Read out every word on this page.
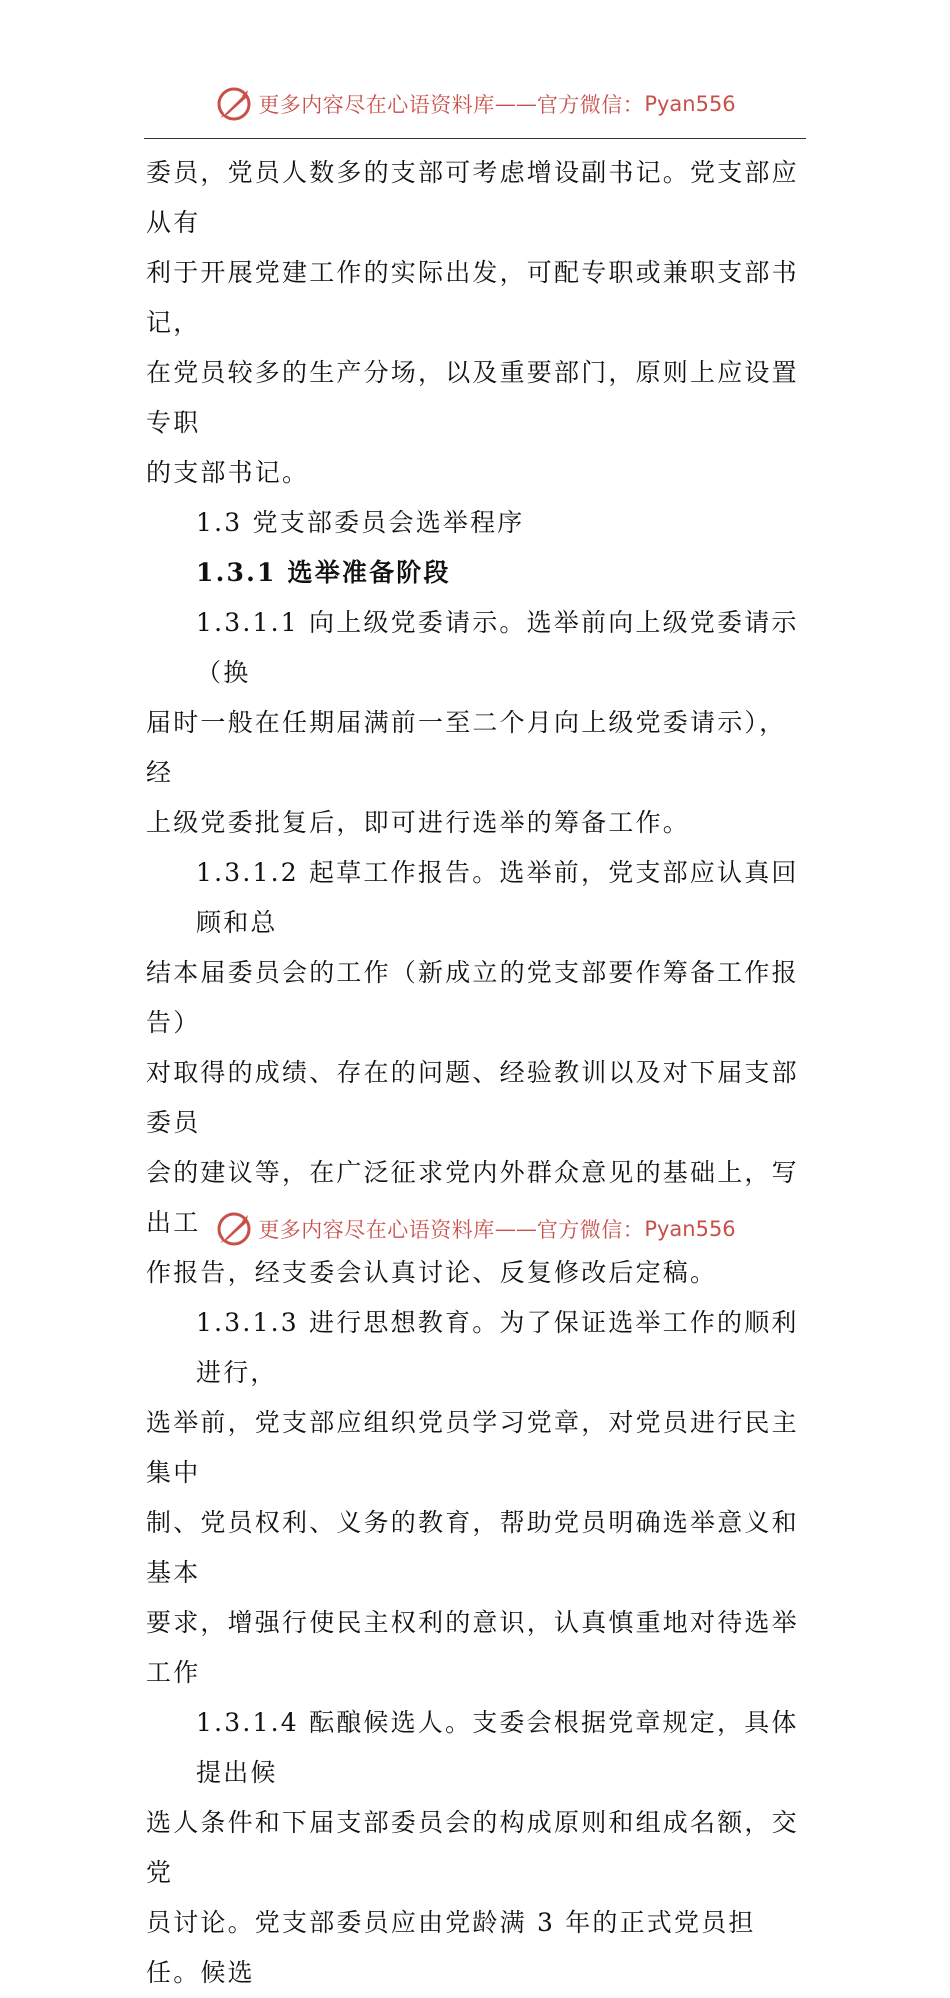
更多内容尽在心语资料库 —— 官方微信： Pyan556
委员，党员人数多的支部可考虑增设副书记。党支部应从有
利于开展党建工作的实际出发，可配专职或兼职支部书记，
在党员较多的生产分场，以及重要部门，原则上应设置专职
的支部书记。
1.3 党支部委员会选举程序
1.3.1 选举准备阶段
1.3.1.1 向上级党委请示。选举前向上级党委请示（换
届时一般在任期届满前一至二个月向上级党委请示），经
上级党委批复后，即可进行选举的筹备工作。
1.3.1.2 起草工作报告。选举前，党支部应认真回顾和总
结本届委员会的工作（新成立的党支部要作筹备工作报告）
对取得的成绩、存在的问题、经验教训以及对下届支部委员
会的建议等，在广泛征求党内外群众意见的基础上，写出工
作报告，经支委会认真讨论、反复修改后定稿。
1.3.1.3 进行思想教育。为了保证选举工作的顺利进行，
选举前，党支部应组织党员学习党章，对党员进行民主集中
制、党员权利、义务的教育，帮助党员明确选举意义和基本
要求，增强行使民主权利的意识，认真慎重地对待选举工作
1.3.1.4 酝酿候选人。支委会根据党章规定，具体提出候
选人条件和下届支部委员会的构成原则和组成名额，交党
员讨论。党支部委员应由党龄满 3 年的正式党员担任。候选
更多内容尽在心语资料库 —— 官方微信： Pyan556
